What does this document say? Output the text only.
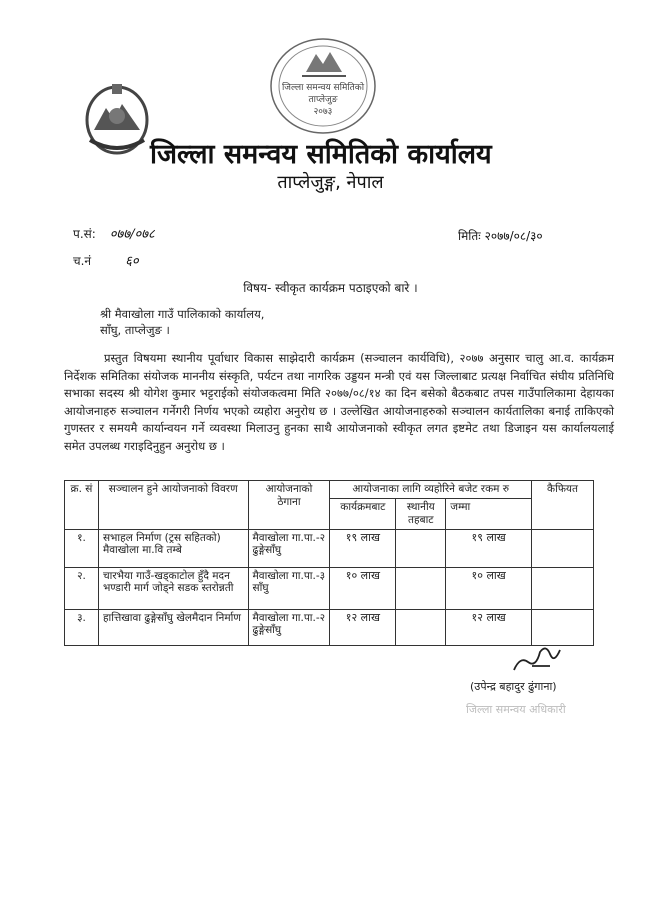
जिल्ला समन्वय समितिको
ताप्लेजुङ
२०७३
जिल्ला समन्वय समितिको कार्यालय
ताप्लेजुङ्ग, नेपाल
प.सं: ०७७/०७८
च.नं	६०
मितिः २०७७/०८/३०
विषय- स्वीकृत कार्यक्रम पठाइएको बारे ।
श्री मैवाखोला गाउँ पालिकाको कार्यालय,
साँघु, ताप्लेजुङ ।

प्रस्तुत विषयमा स्थानीय पूर्वाधार विकास साझेदारी कार्यक्रम (सञ्चालन कार्यविधि), २०७७ अनुसार चालु आ.व. कार्यक्रम निर्देशक समितिका संयोजक माननीय संस्कृति, पर्यटन तथा नागरिक उड्डयन मन्त्री एवं यस जिल्लाबाट प्रत्यक्ष निर्वाचित संघीय प्रतिनिधि सभाका सदस्य श्री योगेश कुमार भट्टराईको संयोजकत्वमा मिति २०७७/०८/१४ का दिन बसेको बैठकबाट तपस गाउँपालिकामा देहायका आयोजनाहरु सञ्चालन गर्नेगरी निर्णय भएको व्यहोरा अनुरोध छ । उल्लेखित आयोजनाहरुको सञ्चालन कार्यतालिका बनाई ताकिएको गुणस्तर र समयमै कार्यान्वयन गर्ने व्यवस्था मिलाउनु हुनका साथै आयोजनाको स्वीकृत लगत इष्टमेट तथा डिजाइन यस कार्यालयलाई समेत उपलब्ध गराइदिनुहुन अनुरोध छ ।

क्र. सं	सञ्चालन हुने आयोजनाको विवरण	आयोजनाको ठेगाना	आयोजनाका लागि व्यहोरिने बजेट रकम रु			कैफियत
			कार्यक्रमबाट	स्थानीय तहबाट	जम्मा	
१.	सभाहल निर्माण (ट्रस सहितको) मैवाखोला मा.वि तम्बे	मैवाखोला गा.पा.-२ ढुङ्गेसाँघु	१९ लाख		१९ लाख	
२.	चारभैया गाउँ-खड्काटोल हुँदै मदन भण्डारी मार्ग जोड्ने सडक स्तरोन्नती	मैवाखोला गा.पा.-३ साँघु	१० लाख		१० लाख	
३.	हात्तिखावा ढुङ्गेसाँघु खेलमैदान निर्माण	मैवाखोला गा.पा.-२ ढुङ्गेसाँघु	१२ लाख		१२ लाख	
(उपेन्द्र बहादुर ढुंगाना)
जिल्ला समन्वय अधिकारी
